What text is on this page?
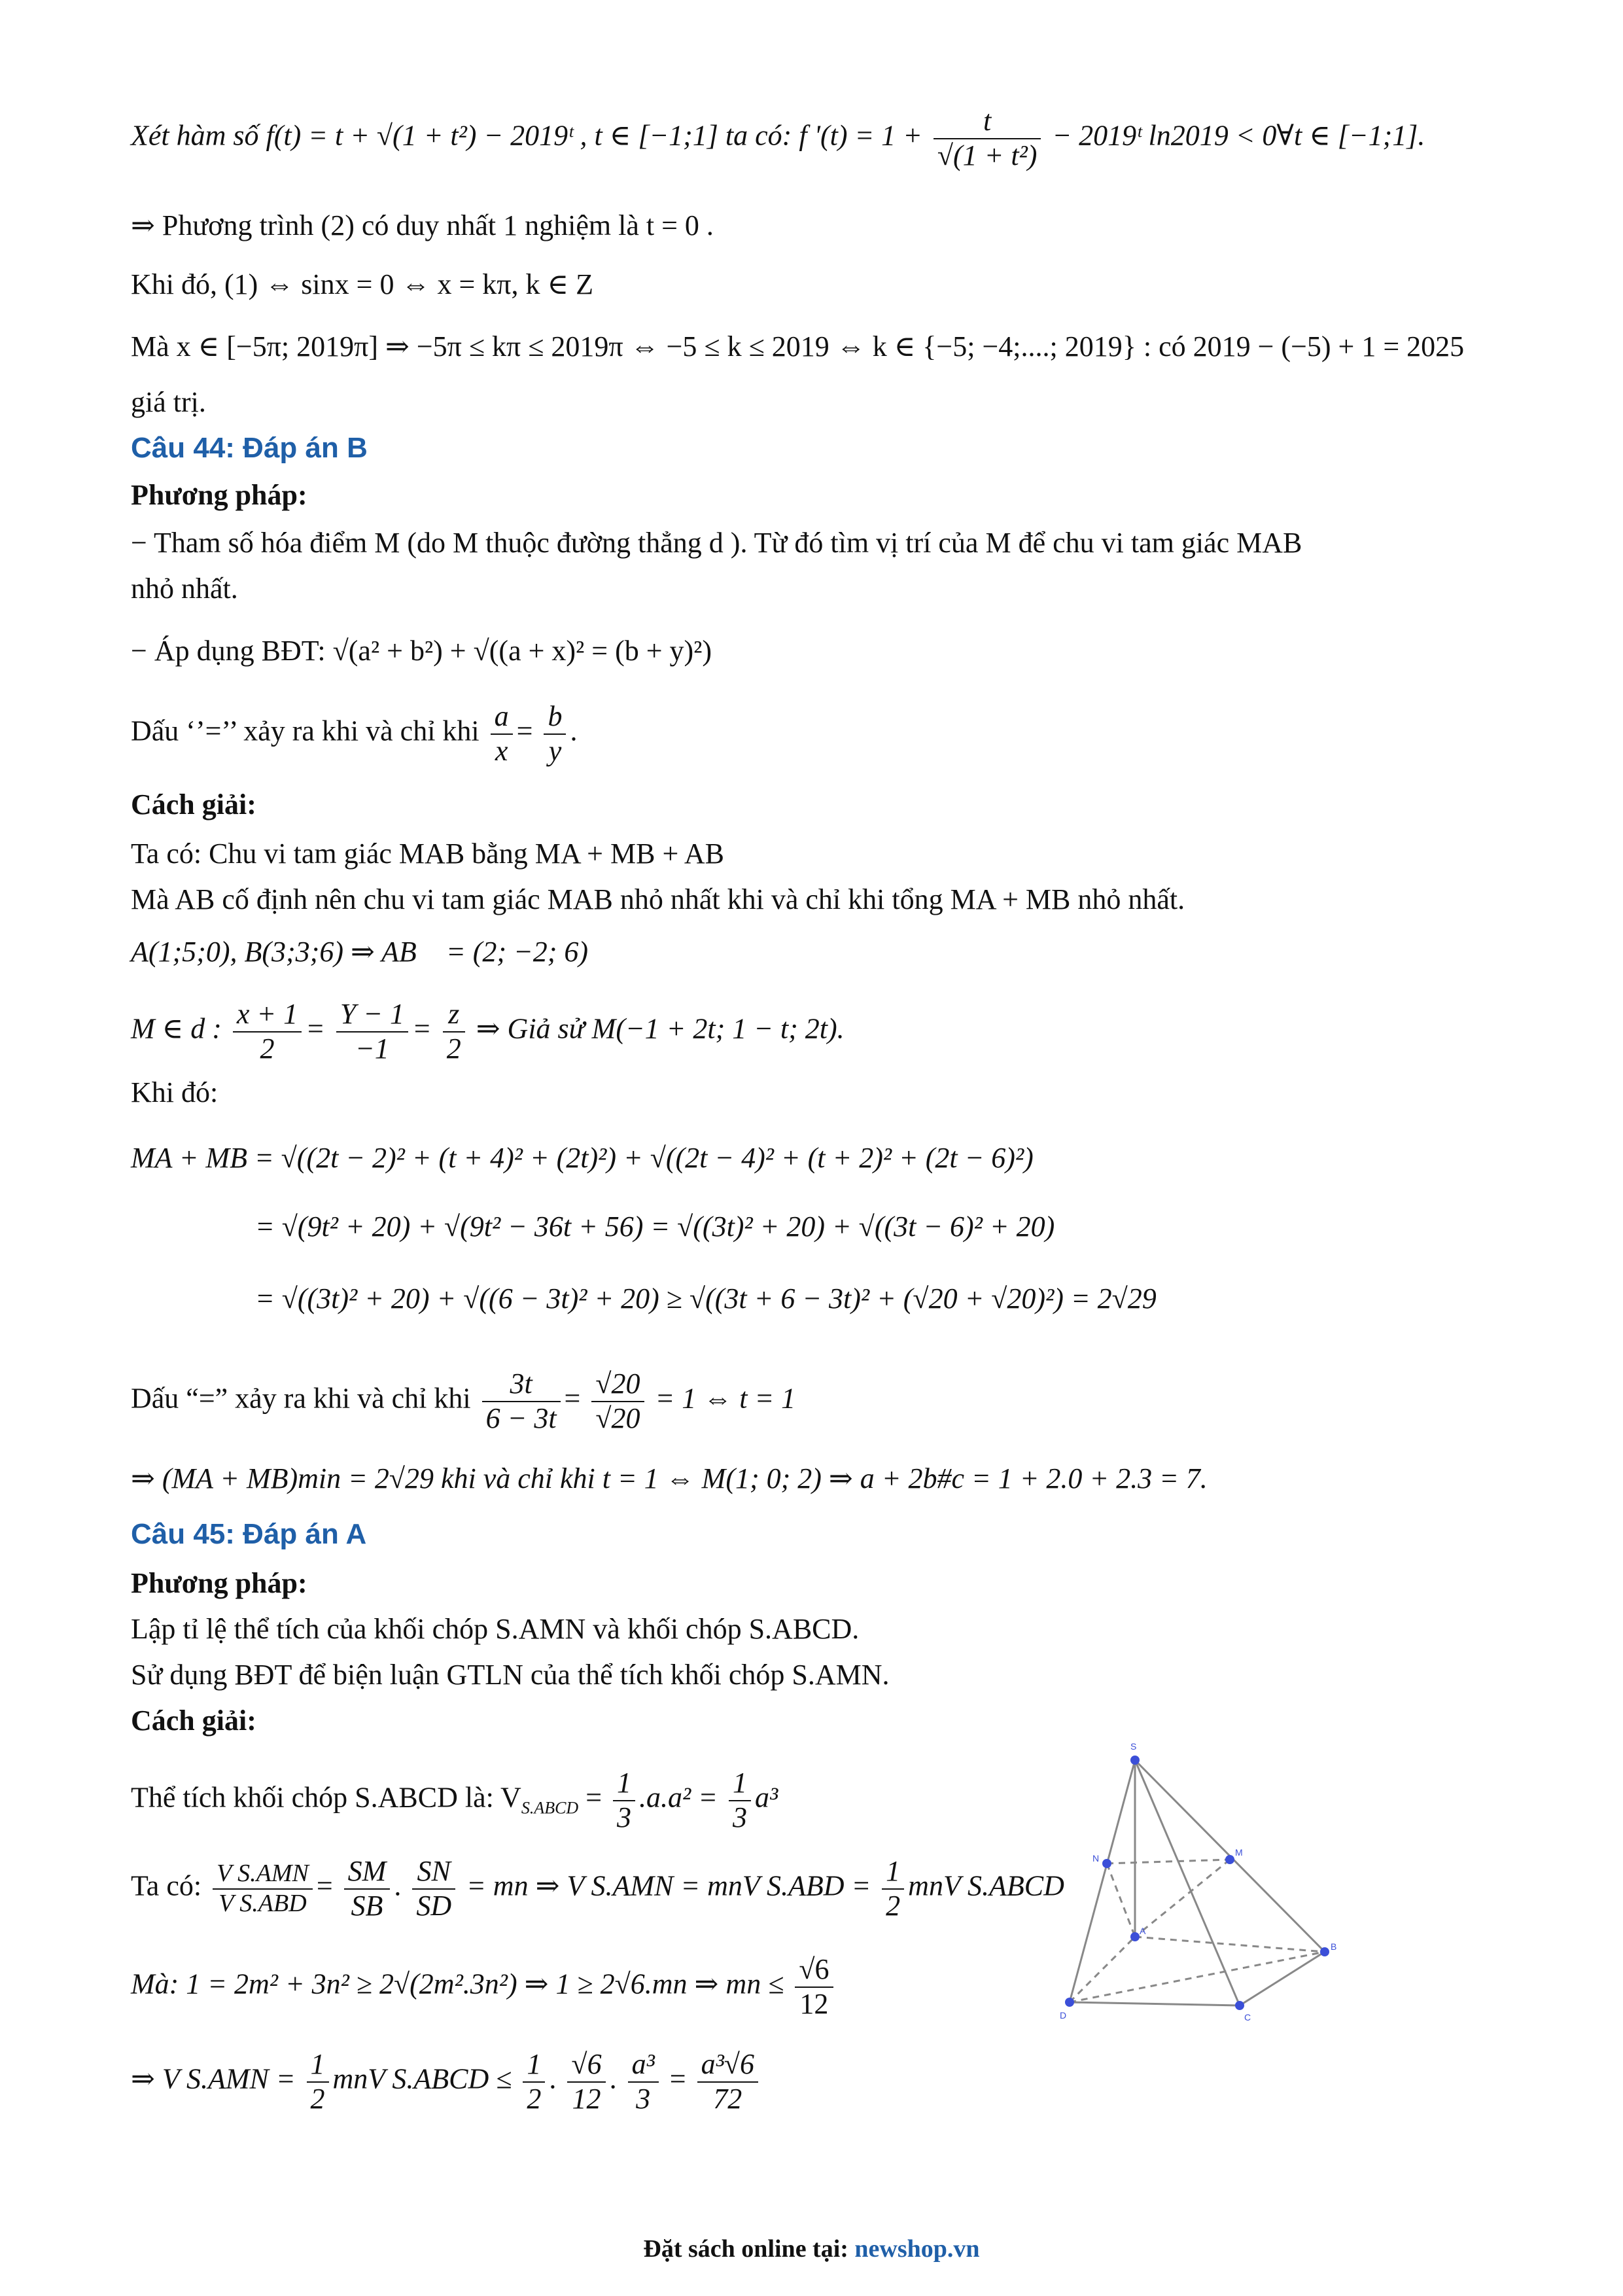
Xét hàm số f(t) = t + √(1 + t²) − 2019ᵗ , t ∈ [−1;1] ta có: f '$(t) = 1 + \frac{t}{\text{√(1 + t²)}}$ − 2019ᵗ ln2019 < 0∀t ∈ [−1;1].
⇒ Phương trình (2) có duy nhất 1 nghiệm là t = 0 .
Khi đó, (1) ⇔ sinx = 0 ⇔ x = kπ, k ∈ Z
Mà x ∈ [−5π; 2019π] ⇒ −5π ≤ kπ ≤ 2019π ⇔ −5 ≤ k ≤ 2019 ⇔ k ∈ {−5; −4;....; 2019} : có 2019 − (−5) + 1 = 2025
giá trị.
Câu 44: Đáp án B
Phương pháp:
− Tham số hóa điểm M (do M thuộc đường thẳng d ). Từ đó tìm vị trí của M để chu vi tam giác MAB
nhỏ nhất.
− Áp dụng BĐT: √(a² + b²) + √((a + x)² = (b + y)²)
Dấu ‘’=’’ xảy ra khi và chỉ khi $\frac{a}{x} = \frac{b}{y}$ .
Cách giải:
Ta có: Chu vi tam giác MAB bằng MA + MB + AB
Mà AB cố định nên chu vi tam giác MAB nhỏ nhất khi và chỉ khi tổng MA + MB nhỏ nhất.
A(1;5;0), B(3;3;6) ⇒ AB⃗ = (2; −2; 6)
M ∈ d : $\frac{x + 1}{2} = \frac{Y - 1}{-1} = \frac{z}{2}$ ⇒ Giả sử M(−1 + 2t; 1 − t; 2t).
Khi đó:
MA + MB = √((2t − 2)² + (t + 4)² + (2t)²) + √((2t − 4)² + (t + 2)² + (2t − 6)²)
= √(9t² + 20) + √(9t² − 36t + 56) = √((3t)² + 20) + √((3t − 6)² + 20)
= √((3t)² + 20) + √((6 − 3t)² + 20) ≥ √((3t + 6 − 3t)² + (√20 + √20)²) = 2√29
Dấu “=” xảy ra khi và chỉ khi $\frac{3t}{6 - 3t} = \frac{√20}{√20} = 1$ ⇔ t = 1
⇒ (MA + MB)min = 2√29 khi và chỉ khi t = 1 ⇔ M(1; 0; 2) ⇒ a + 2b#c = 1 + 2.0 + 2.3 = 7.
Câu 45: Đáp án A
Phương pháp:
Lập tỉ lệ thể tích của khối chóp S.AMN và khối chóp S.ABCD.
Sử dụng BĐT để biện luận GTLN của thể tích khối chóp S.AMN.
Cách giải:
Thể tích khối chóp S.ABCD là: $V_{S.ABCD} = \frac{1}{3} .a.a^2 = \frac{1}{3} a^3$
Ta có: $\frac{\text{V S.AMN}}{\text{V S.ABD}} = \frac{SM}{SB}$ . $\frac{SN}{SD}$ = mn ⇒ V S.AMN = mnV $S.ABD = \frac{1}{2}$ mnV S.ABCD
Mà: 1 = 2m² + 3n² ≥ 2√(2m².3n²) ⇒ 1 ≥ 2√6.mn ⇒ mn ≤ $\frac{√6}{12}$
⇒ V $S.AMN = \frac{1}{2}$ mnV S.ABCD ≤ $\frac{1}{2}$ . $\frac{√6}{12}$ . $\frac{\text{a³}}{3} = \frac{\text{a³√6}}{72}$
S
N
M
A
B
C
D
Đặt sách online tại: newshop.vn
